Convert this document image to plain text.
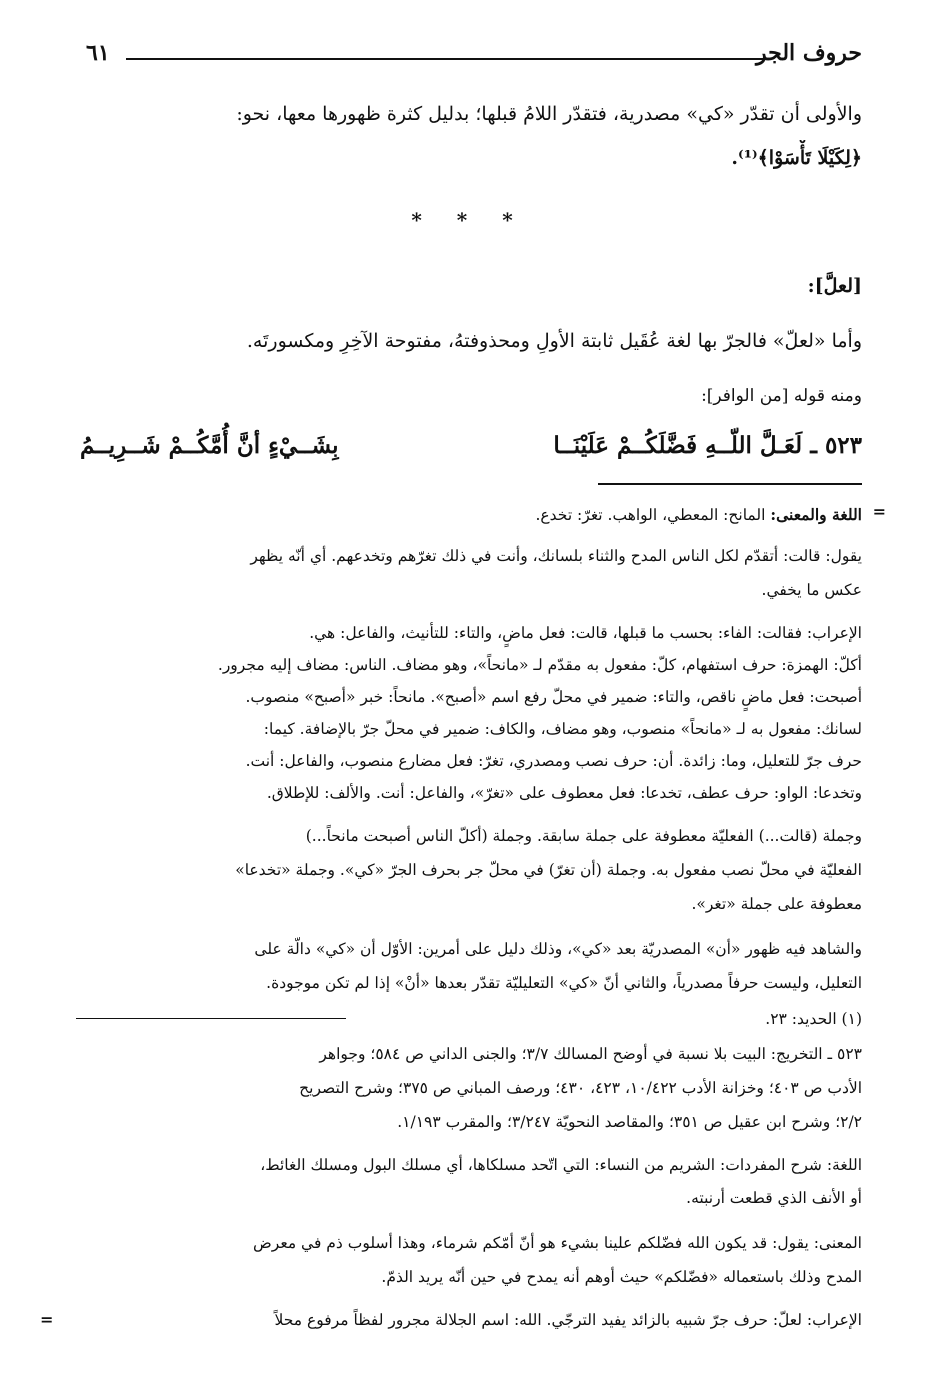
حروف الجر
٦١
والأولى أن تقدّر «كي» مصدرية، فتقدّر اللامُ قبلها؛ بدليل كثرة ظهورها معها، نحو:
﴿لِكَيْلَا تَأْسَوْا﴾⁽¹⁾.
* * *
[لعلَّ]:
وأما «لعلّ» فالجرّ بها لغة عُقَيل ثابتة الأولِ ومحذوفتهُ، مفتوحة الآخِرِ ومكسورتَه.
ومنه قوله [من الوافر]:
٥٢٣ ـ لَعَـلَّ اللّــهِ فَضَّلَكُــمْ عَلَيْنَــا
بِشَــيْءٍ أنَّ أُمَّكُــمْ شَــرِيــمُ
=
اللغة والمعنى: المانح: المعطي، الواهب. تغرّ: تخدع.
يقول: قالت: أتقدّم لكل الناس المدح والثناء بلسانك، وأنت في ذلك تغرّهم وتخدعهم. أي أنّه يظهر
عكس ما يخفي.
الإعراب: فقالت: الفاء: بحسب ما قبلها، قالت: فعل ماضٍ، والتاء: للتأنيث، والفاعل: هي.
أكلّ: الهمزة: حرف استفهام، كلّ: مفعول به مقدّم لـ «مانحاً»، وهو مضاف. الناس: مضاف إليه مجرور.
أصبحت: فعل ماضٍ ناقص، والتاء: ضمير في محلّ رفع اسم «أصبح». مانحاً: خبر «أصبح» منصوب.
لسانك: مفعول به لـ «مانحاً» منصوب، وهو مضاف، والكاف: ضمير في محلّ جرّ بالإضافة. كيما:
حرف جرّ للتعليل، وما: زائدة. أن: حرف نصب ومصدري، تغرّ: فعل مضارع منصوب، والفاعل: أنت.
وتخدعا: الواو: حرف عطف، تخدعا: فعل معطوف على «تغرّ»، والفاعل: أنت. والألف: للإطلاق.
وجملة (قالت...) الفعليّة معطوفة على جملة سابقة. وجملة (أكلّ الناس أصبحت مانحاً...)
الفعليّة في محلّ نصب مفعول به. وجملة (أن تغرّ) في محلّ جر بحرف الجرّ «كي». وجملة «تخدعا»
معطوفة على جملة «تغر».
والشاهد فيه ظهور «أن» المصدريّة بعد «كي»، وذلك دليل على أمرين: الأوّل أن «كي» دالّة على
التعليل، وليست حرفاً مصدرياً، والثاني أنّ «كي» التعليليّة تقدّر بعدها «أنْ» إذا لم تكن موجودة.
(١) الحديد: ٢٣.
٥٢٣ ـ التخريج: البيت بلا نسبة في أوضح المسالك ٣/٧؛ والجنى الداني ص ٥٨٤؛ وجواهر
الأدب ص ٤٠٣؛ وخزانة الأدب ١٠/٤٢٢، ٤٢٣، ٤٣٠؛ ورصف المباني ص ٣٧٥؛ وشرح التصريح
٢/٢؛ وشرح ابن عقيل ص ٣٥١؛ والمقاصد النحويّة ٣/٢٤٧؛ والمقرب ١/١٩٣.
اللغة: شرح المفردات: الشريم من النساء: التي اتّحد مسلكاها، أي مسلك البول ومسلك الغائط،
أو الأنف الذي قطعت أرنبته.
المعنى: يقول: قد يكون الله فضّلكم علينا بشيء هو أنّ أمّكم شرماء، وهذا أسلوب ذم في معرض
المدح وذلك باستعماله «فضّلكم» حيث أوهم أنه يمدح في حين أنّه يريد الذمّ.
الإعراب: لعلّ: حرف جرّ شبيه بالزائد يفيد الترجّي. الله: اسم الجلالة مجرور لفظاً مرفوع محلاً
=
